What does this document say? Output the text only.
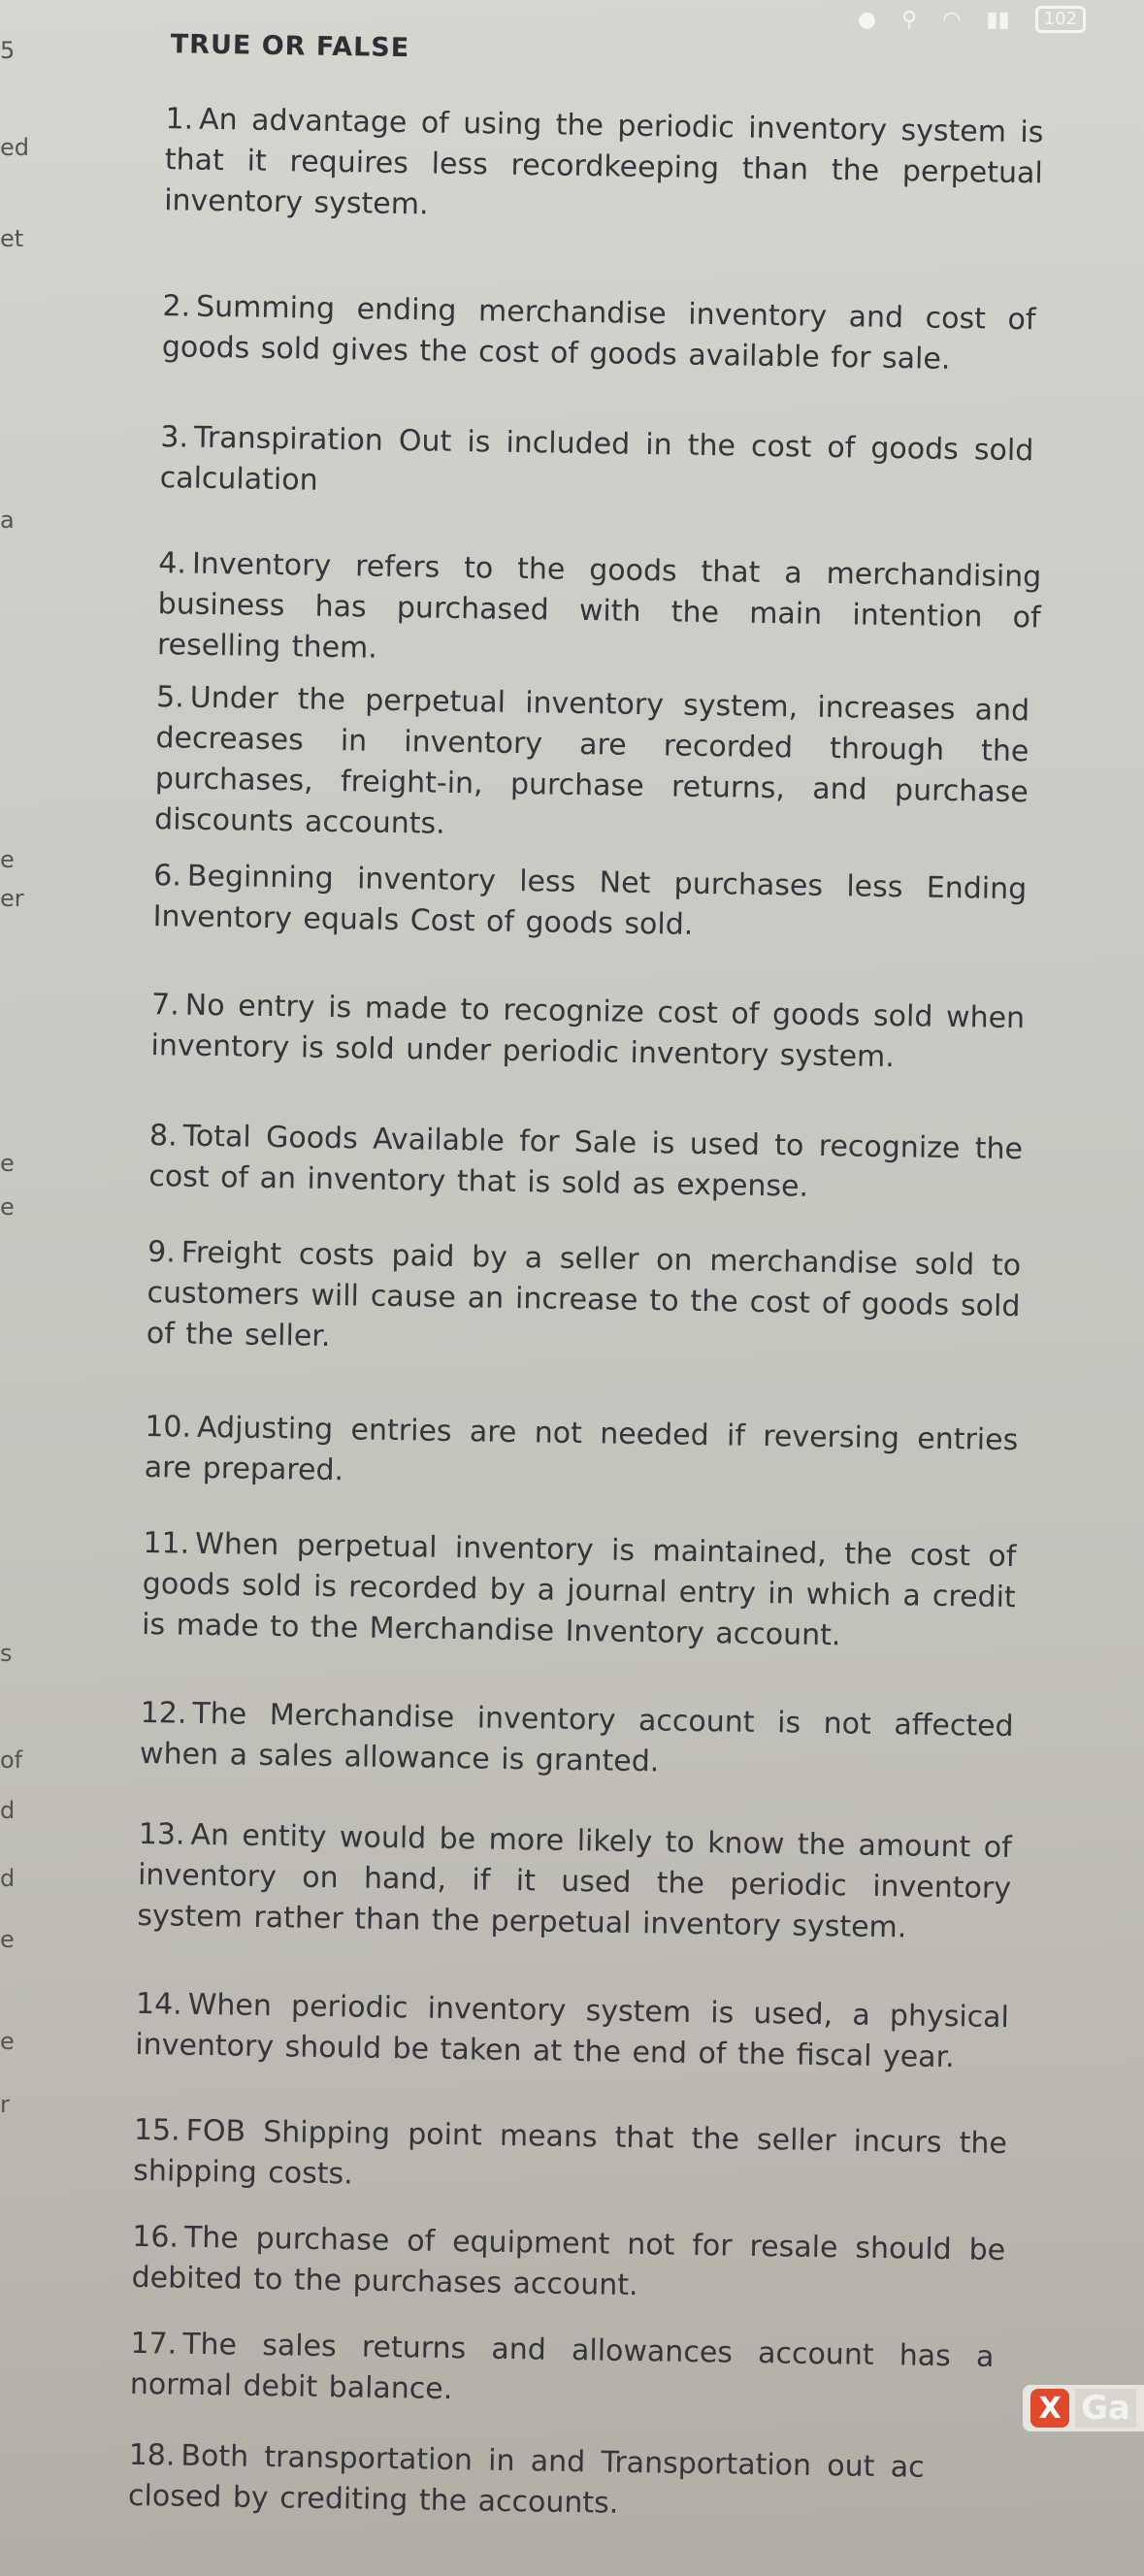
● ⚲ ◠ ▮▮	102
5
ed
et
a
e
er
e
e
s
of
d
d
e
e
r
TRUE OR FALSE
1. An advantage of using the periodic inventory system is that it requires less recordkeeping than the perpetual inventory system.
2. Summing ending merchandise inventory and cost of goods sold gives the cost of goods available for sale.
3. Transpiration Out is included in the cost of goods sold calculation
4. Inventory refers to the goods that a merchandising business has purchased with the main intention of reselling them.
5. Under the perpetual inventory system, increases and decreases in inventory are recorded through the purchases, freight-in, purchase returns, and purchase discounts accounts.
6. Beginning inventory less Net purchases less Ending Inventory equals Cost of goods sold.
7. No entry is made to recognize cost of goods sold when inventory is sold under periodic inventory system.
8. Total Goods Available for Sale is used to recognize the cost of an inventory that is sold as expense.
9. Freight costs paid by a seller on merchandise sold to customers will cause an increase to the cost of goods sold of the seller.
10. Adjusting entries are not needed if reversing entries are prepared.
11. When perpetual inventory is maintained, the cost of goods sold is recorded by a journal entry in which a credit is made to the Merchandise Inventory account.
12. The Merchandise inventory account is not affected when a sales allowance is granted.
13. An entity would be more likely to know the amount of inventory on hand, if it used the periodic inventory system rather than the perpetual inventory system.
14. When periodic inventory system is used, a physical inventory should be taken at the end of the fiscal year.
15. FOB Shipping point means that the seller incurs the shipping costs.
16. The purchase of equipment not for resale should be debited to the purchases account.
17. The sales returns and allowances account has a normal debit balance.
18. Both transportation in and Transportation out ac closed by crediting the accounts.
X Ga
